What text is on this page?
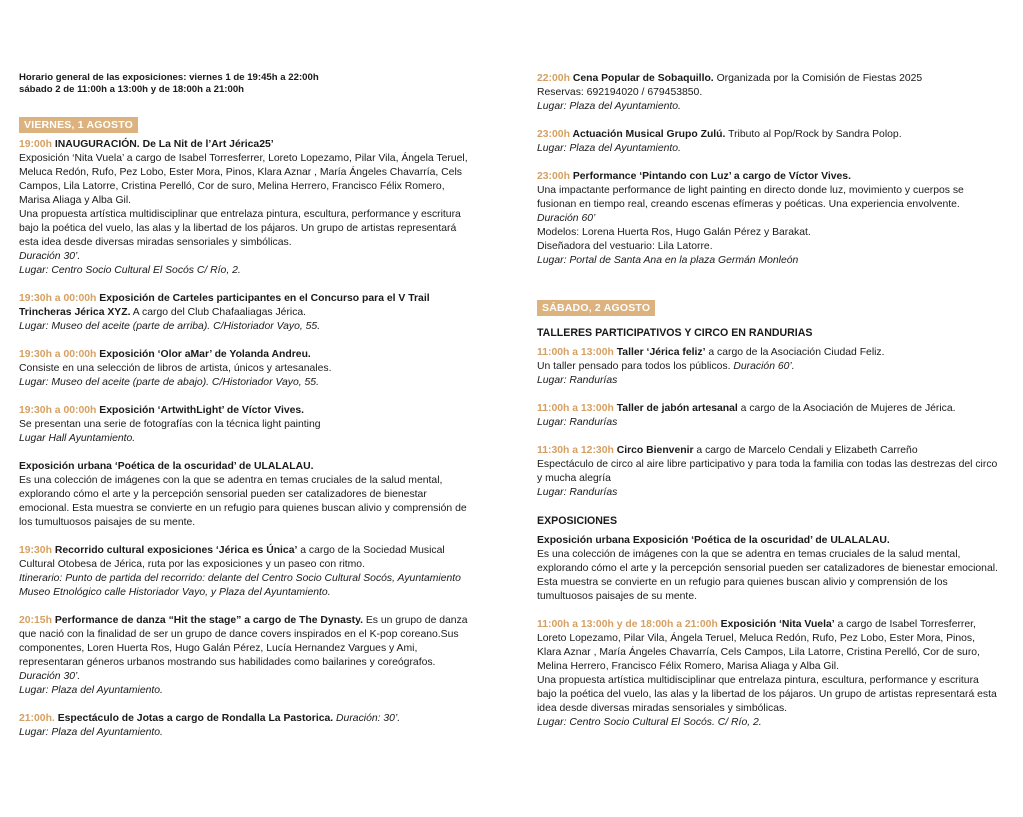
Horario general de las exposiciones: viernes 1 de 19:45h a 22:00h

sábado 2 de 11:00h a 13:00h y de 18:00h a 21:00h

VIERNES, 1 AGOSTO

19:00h INAUGURACIÓN. De La Nit de l’Art Jérica25’

Exposición ‘Nita Vuela’ a cargo de Isabel Torresferrer, Loreto Lopezamo, Pilar Vila, Ángela Teruel, Meluca Redón, Rufo, Pez Lobo, Ester Mora, Pinos, Klara Aznar , María Ángeles Chavarría, Cels Campos, Lila Latorre, Cristina Perelló, Cor de suro, Melina Herrero, Francisco Félix Romero, Marisa Aliaga y Alba Gil.

Una propuesta artística multidisciplinar que entrelaza pintura, escultura, performance y escritura bajo la poética del vuelo, las alas y la libertad de los pájaros. Un grupo de artistas representará esta idea desde diversas miradas sensoriales y simbólicas.

Duración 30’.

Lugar: Centro Socio Cultural El Socós C/ Río, 2.

19:30h a 00:00h Exposición de Carteles participantes en el Concurso para el V Trail Trincheras Jérica XYZ. A cargo del Club Chafaaliagas Jérica.

Lugar: Museo del aceite (parte de arriba). C/Historiador Vayo, 55.

19:30h a 00:00h Exposición ‘Olor aMar’ de Yolanda Andreu.

Consiste en una selección de libros de artista, únicos y artesanales.

Lugar: Museo del aceite (parte de abajo). C/Historiador Vayo, 55.

19:30h a 00:00h Exposición ‘ArtwithLight’ de Víctor Vives.

Se presentan una serie de fotografías con la técnica light painting

Lugar Hall Ayuntamiento.

Exposición urbana ‘Poética de la oscuridad’ de ULALALAU.

Es una colección de imágenes con la que se adentra en temas cruciales de la salud mental, explorando cómo el arte y la percepción sensorial pueden ser catalizadores de bienestar emocional. Esta muestra se convierte en un refugio para quienes buscan alivio y comprensión de los tumultuosos paisajes de su mente.

19:30h Recorrido cultural exposiciones ‘Jérica es Única’ a cargo de la Sociedad Musical Cultural Otobesa de Jérica, ruta por las exposiciones y un paseo con ritmo.

Itinerario: Punto de partida del recorrido: delante del Centro Socio Cultural Socós, Ayuntamiento Museo Etnológico calle Historiador Vayo, y Plaza del Ayuntamiento.

20:15h Performance de danza “Hit the stage” a cargo de The Dynasty. Es un grupo de danza que nació con la finalidad de ser un grupo de dance covers inspirados en el K-pop coreano.Sus componentes, Loren Huerta Ros, Hugo Galán Pérez, Lucía Hernandez Vargues y Ami, representaran géneros urbanos mostrando sus habilidades como bailarines y coreógrafos. Duración 30’.

Lugar: Plaza del Ayuntamiento.

21:00h. Espectáculo de Jotas a cargo de Rondalla La Pastorica. Duración: 30’.

Lugar: Plaza del Ayuntamiento.

22:00h Cena Popular de Sobaquillo. Organizada por la Comisión de Fiestas 2025

Reservas: 692194020 / 679453850.

Lugar: Plaza del Ayuntamiento.

23:00h Actuación Musical Grupo Zulú. Tributo al Pop/Rock by Sandra Polop.

Lugar: Plaza del Ayuntamiento.

23:00h Performance ‘Pintando con Luz’ a cargo de Víctor Vives.

Una impactante performance de light painting en directo donde luz, movimiento y cuerpos se fusionan en tiempo real, creando escenas efímeras y poéticas. Una experiencia envolvente. Duración 60’

Modelos: Lorena Huerta Ros, Hugo Galán Pérez y Barakat.

Diseñadora del vestuario: Lila Latorre.

Lugar: Portal de Santa Ana en la plaza Germán Monleón

SÁBADO, 2 AGOSTO

TALLERES PARTICIPATIVOS Y CIRCO EN RANDURIAS

11:00h a 13:00h Taller ‘Jérica feliz’ a cargo de la Asociación Ciudad Feliz.

Un taller pensado para todos los públicos. Duración 60’.

Lugar: Randurías

11:00h a 13:00h Taller de jabón artesanal a cargo de la Asociación de Mujeres de Jérica.

Lugar: Randurías

11:30h a 12:30h Circo Bienvenir a cargo de Marcelo Cendali y Elizabeth Carreño

Espectáculo de circo al aire libre participativo y para toda la familia con todas las destrezas del circo y mucha alegría

Lugar: Randurías

EXPOSICIONES

Exposición urbana Exposición ‘Poética de la oscuridad’ de ULALALAU.

Es una colección de imágenes con la que se adentra en temas cruciales de la salud mental, explorando cómo el arte y la percepción sensorial pueden ser catalizadores de bienestar emocional. Esta muestra se convierte en un refugio para quienes buscan alivio y comprensión de los tumultuosos paisajes de su mente.

11:00h a 13:00h y de 18:00h a 21:00h Exposición ‘Nita Vuela’ a cargo de Isabel Torresferrer, Loreto Lopezamo, Pilar Vila, Ángela Teruel, Meluca Redón, Rufo, Pez Lobo, Ester Mora, Pinos, Klara Aznar , María Ángeles Chavarría, Cels Campos, Lila Latorre, Cristina Perelló, Cor de suro, Melina Herrero, Francisco Félix Romero, Marisa Aliaga y Alba Gil.

Una propuesta artística multidisciplinar que entrelaza pintura, escultura, performance y escritura bajo la poética del vuelo, las alas y la libertad de los pájaros. Un grupo de artistas representará esta idea desde diversas miradas sensoriales y simbólicas.

Lugar: Centro Socio Cultural El Socós. C/ Río, 2.
